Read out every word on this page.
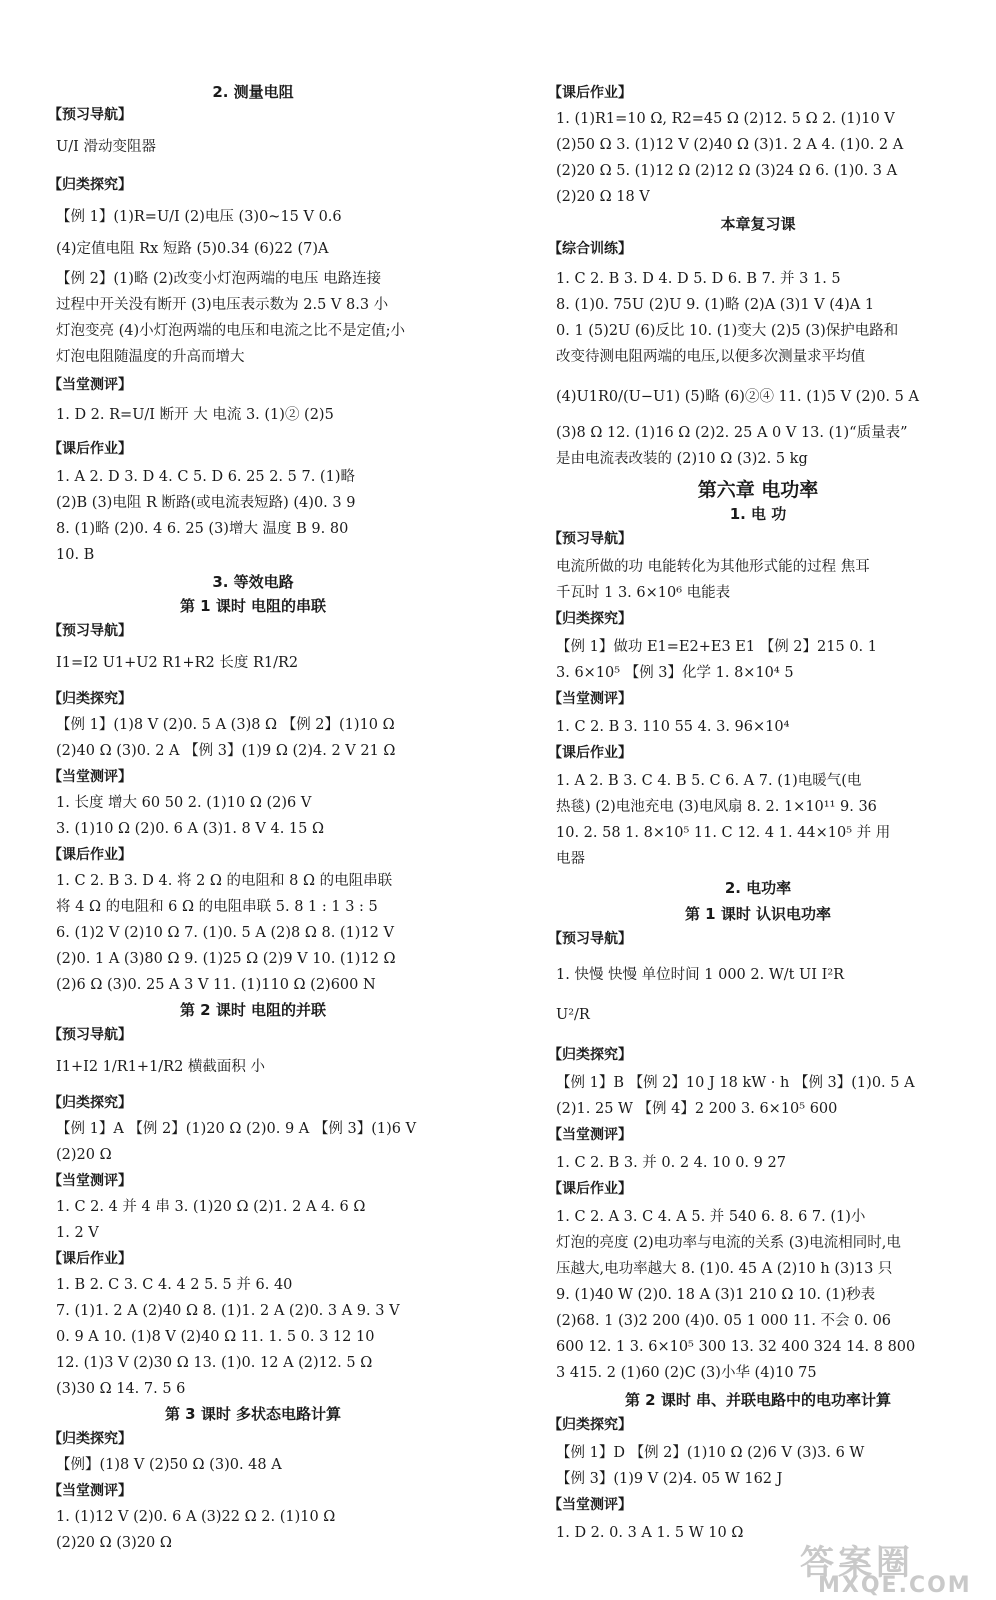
2. 测量电阻
【预习导航】
U/I 滑动变阻器
【归类探究】
【例 1】(1)R=U/I (2)电压 (3)0~15 V 0.6
(4)定值电阻 Rx 短路 (5)0.34 (6)22 (7)A
【例 2】(1)略 (2)改变小灯泡两端的电压 电路连接
过程中开关没有断开 (3)电压表示数为 2.5 V 8.3 小
灯泡变亮 (4)小灯泡两端的电压和电流之比不是定值;小
灯泡电阻随温度的升高而增大
【当堂测评】
1. D 2. R=U/I 断开 大 电流 3. (1)② (2)5
【课后作业】
1. A 2. D 3. D 4. C 5. D 6. 25 2. 5 7. (1)略
(2)B (3)电阻 R 断路(或电流表短路) (4)0. 3 9
8. (1)略 (2)0. 4 6. 25 (3)增大 温度 B 9. 80
10. B
3. 等效电路
第 1 课时 电阻的串联
【预习导航】
I1=I2 U1+U2 R1+R2 长度 R1/R2
【归类探究】
【例 1】(1)8 V (2)0. 5 A (3)8 Ω 【例 2】(1)10 Ω
(2)40 Ω (3)0. 2 A 【例 3】(1)9 Ω (2)4. 2 V 21 Ω
【当堂测评】
1. 长度 增大 60 50 2. (1)10 Ω (2)6 V
3. (1)10 Ω (2)0. 6 A (3)1. 8 V 4. 15 Ω
【课后作业】
1. C 2. B 3. D 4. 将 2 Ω 的电阻和 8 Ω 的电阻串联
将 4 Ω 的电阻和 6 Ω 的电阻串联 5. 8 1 : 1 3 : 5
6. (1)2 V (2)10 Ω 7. (1)0. 5 A (2)8 Ω 8. (1)12 V
(2)0. 1 A (3)80 Ω 9. (1)25 Ω (2)9 V 10. (1)12 Ω
(2)6 Ω (3)0. 25 A 3 V 11. (1)110 Ω (2)600 N
第 2 课时 电阻的并联
【预习导航】
I1+I2 1/R1+1/R2 横截面积 小
【归类探究】
【例 1】A 【例 2】(1)20 Ω (2)0. 9 A 【例 3】(1)6 V
(2)20 Ω
【当堂测评】
1. C 2. 4 并 4 串 3. (1)20 Ω (2)1. 2 A 4. 6 Ω
1. 2 V
【课后作业】
1. B 2. C 3. C 4. 4 2 5. 5 并 6. 40
7. (1)1. 2 A (2)40 Ω 8. (1)1. 2 A (2)0. 3 A 9. 3 V
0. 9 A 10. (1)8 V (2)40 Ω 11. 1. 5 0. 3 12 10
12. (1)3 V (2)30 Ω 13. (1)0. 12 A (2)12. 5 Ω
(3)30 Ω 14. 7. 5 6
第 3 课时 多状态电路计算
【归类探究】
【例】(1)8 V (2)50 Ω (3)0. 48 A
【当堂测评】
1. (1)12 V (2)0. 6 A (3)22 Ω 2. (1)10 Ω
(2)20 Ω (3)20 Ω
【课后作业】
1. (1)R1=10 Ω, R2=45 Ω (2)12. 5 Ω 2. (1)10 V
(2)50 Ω 3. (1)12 V (2)40 Ω (3)1. 2 A 4. (1)0. 2 A
(2)20 Ω 5. (1)12 Ω (2)12 Ω (3)24 Ω 6. (1)0. 3 A
(2)20 Ω 18 V
本章复习课
【综合训练】
1. C 2. B 3. D 4. D 5. D 6. B 7. 并 3 1. 5
8. (1)0. 75U (2)U 9. (1)略 (2)A (3)1 V (4)A 1
0. 1 (5)2U (6)反比 10. (1)变大 (2)5 (3)保护电路和
改变待测电阻两端的电压,以便多次测量求平均值
(4)U1R0/(U−U1) (5)略 (6)②④ 11. (1)5 V (2)0. 5 A
(3)8 Ω 12. (1)16 Ω (2)2. 25 A 0 V 13. (1)“质量表”
是由电流表改装的 (2)10 Ω (3)2. 5 kg
第六章 电功率
1. 电 功
【预习导航】
电流所做的功 电能转化为其他形式能的过程 焦耳
千瓦时 1 3. 6×10⁶ 电能表
【归类探究】
【例 1】做功 E1=E2+E3 E1 【例 2】215 0. 1
3. 6×10⁵ 【例 3】化学 1. 8×10⁴ 5
【当堂测评】
1. C 2. B 3. 110 55 4. 3. 96×10⁴
【课后作业】
1. A 2. B 3. C 4. B 5. C 6. A 7. (1)电暖气(电
热毯) (2)电池充电 (3)电风扇 8. 2. 1×10¹¹ 9. 36
10. 2. 58 1. 8×10⁵ 11. C 12. 4 1. 44×10⁵ 并 用
电器
2. 电功率
第 1 课时 认识电功率
【预习导航】
1. 快慢 快慢 单位时间 1 000 2. W/t UI I²R
U²/R
【归类探究】
【例 1】B 【例 2】10 J 18 kW · h 【例 3】(1)0. 5 A
(2)1. 25 W 【例 4】2 200 3. 6×10⁵ 600
【当堂测评】
1. C 2. B 3. 并 0. 2 4. 10 0. 9 27
【课后作业】
1. C 2. A 3. C 4. A 5. 并 540 6. 8. 6 7. (1)小
灯泡的亮度 (2)电功率与电流的关系 (3)电流相同时,电
压越大,电功率越大 8. (1)0. 45 A (2)10 h (3)13 只
9. (1)40 W (2)0. 18 A (3)1 210 Ω 10. (1)秒表
(2)68. 1 (3)2 200 (4)0. 05 1 000 11. 不会 0. 06
600 12. 1 3. 6×10⁵ 300 13. 32 400 324 14. 8 800
3 415. 2 (1)60 (2)C (3)小华 (4)10 75
第 2 课时 串、并联电路中的电功率计算
【归类探究】
【例 1】D 【例 2】(1)10 Ω (2)6 V (3)3. 6 W
【例 3】(1)9 V (2)4. 05 W 162 J
【当堂测评】
1. D 2. 0. 3 A 1. 5 W 10 Ω
答案圈
MXQE.COM
